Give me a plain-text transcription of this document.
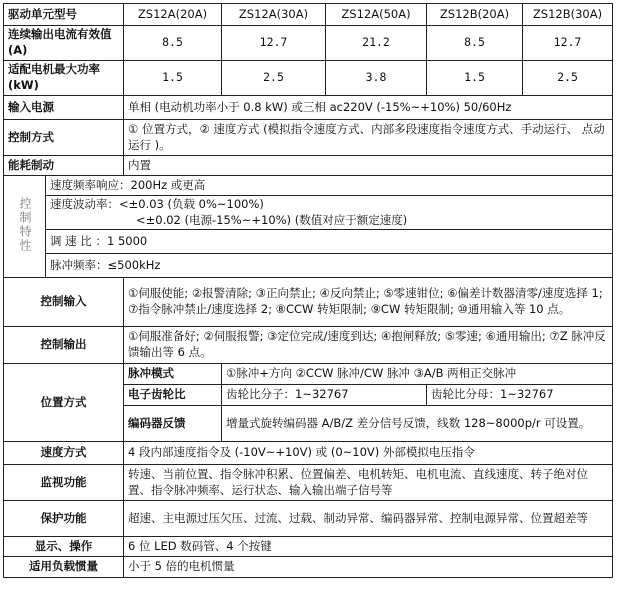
驱动单元型号		ZS12A(20A)	ZS12A(30A)	ZS12A(50A)	ZS12B(20A)	ZS12B(30A)
连续输出电流有效值(A)		8.5	12.7	21.2	8.5	12.7
适配电机最大功率 (kW)		1.5	2.5	3.8	1.5	2.5
输入电源		单相 (电动机功率小于 0.8 kW) 或三相 ac220V (-15%~+10%) 50/60Hz				
控制方式		① 位置方式，② 速度方式 (模拟指令速度方式、内部多段速度指令速度方式、手动运行、 点动运行 )。				
能耗制动		内置				
控制特性	速度频率响应：200Hz 或更高					

	速度波动率：<±0.03 (负载 0%~100%)
<±0.02 (电源-15%~+10%) (数值对应于额定速度)					

	调 速 比 ：1 5000					
	脉冲频率：≤500kHz					
控制输入		①伺服使能; ②报警清除; ③正向禁止; ④反向禁止; ⑤零速钳位; ⑥偏差计数器清零/速度选择 1; ⑦指令脉冲禁止/速度选择 2; ⑧CCW 转矩限制; ⑨CW 转矩限制; ⑩通用输入等 10 点。				
控制输出		①伺服准备好; ②伺服报警; ③定位完成/速度到达; ④抱闸释放; ⑤零速; ⑥通用输出; ⑦Z 脉冲反馈输出等 6 点。				
位置方式		脉冲模式	①脉冲+方向 ②CCW 脉冲/CW 脉冲 ③A/B 两相正交脉冲			
		电子齿轮比	齿轮比分子：1~32767		齿轮比分母：1~32767	
		编码器反馈	增量式旋转编码器 A/B/Z 差分信号反馈，线数 128~8000p/r 可设置。			
速度方式		4 段内部速度指令及 (-10V~+10V) 或 (0~10V) 外部模拟电压指令				
监视功能		转速、当前位置、指令脉冲积累、位置偏差、电机转矩、电机电流、直线速度、转子绝对位置、指令脉冲频率、运行状态、输入输出端子信号等				
保护功能		超速、主电源过压欠压、过流、过载、制动异常、编码器异常、控制电源异常、位置超差等				
显示、操作		6 位 LED 数码管、4 个按键				
适用负载惯量		小于 5 倍的电机惯量				
